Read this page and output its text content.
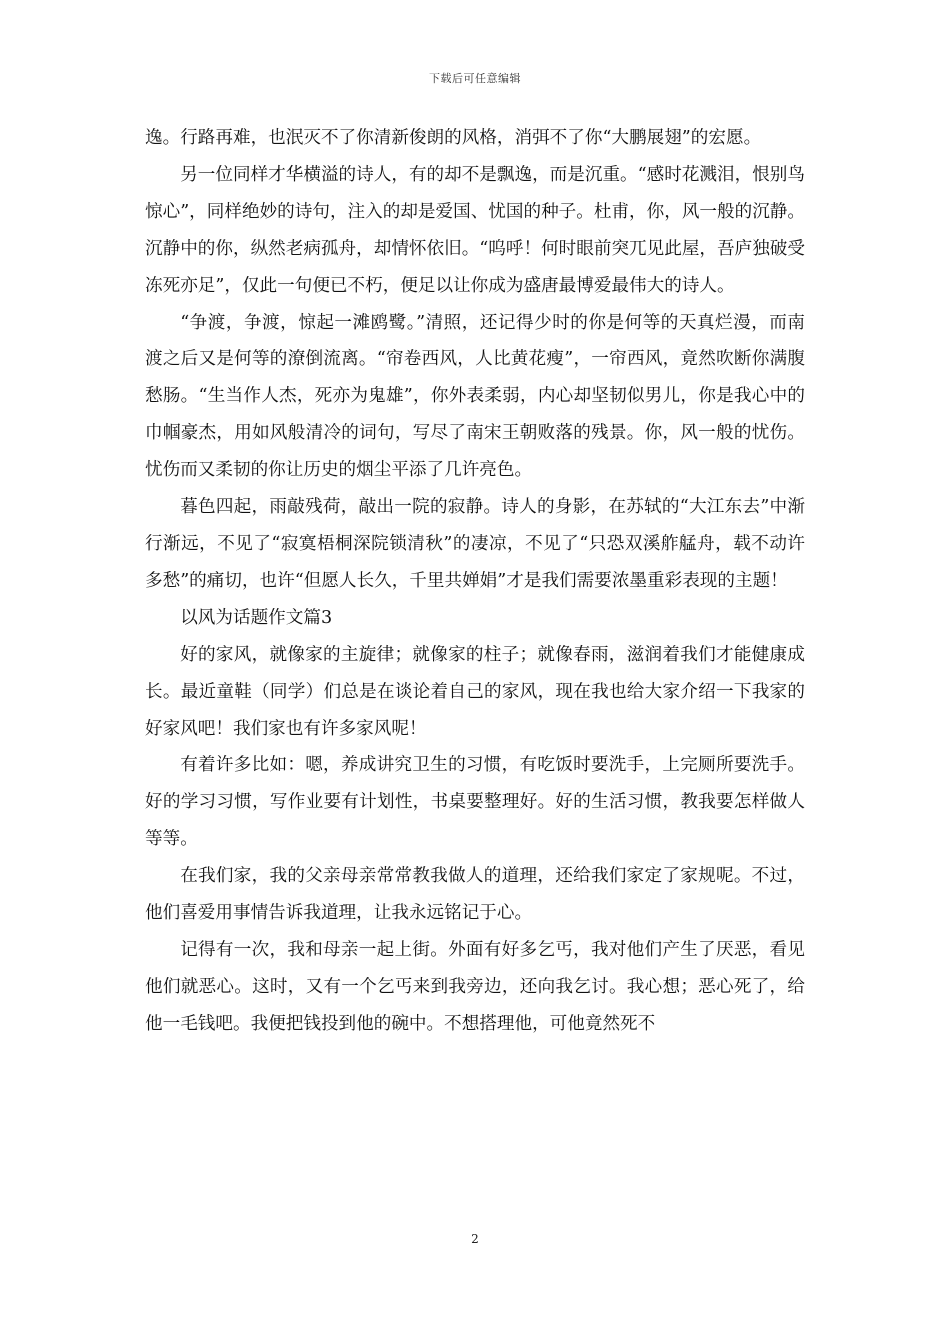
下载后可任意编辑

逸。行路再难，也泯灭不了你清新俊朗的风格，消弭不了你“大鹏展翅”的宏愿。

另一位同样才华横溢的诗人，有的却不是飘逸，而是沉重。“感时花溅泪，恨别鸟惊心”，同样绝妙的诗句，注入的却是爱国、忧国的种子。杜甫，你，风一般的沉静。沉静中的你，纵然老病孤舟，却情怀依旧。“呜呼！何时眼前突兀见此屋，吾庐独破受冻死亦足”，仅此一句便已不朽，便足以让你成为盛唐最博爱最伟大的诗人。

“争渡，争渡，惊起一滩鸥鹭。”清照，还记得少时的你是何等的天真烂漫，而南渡之后又是何等的潦倒流离。“帘卷西风，人比黄花瘦”，一帘西风，竟然吹断你满腹愁肠。“生当作人杰，死亦为鬼雄”，你外表柔弱，内心却坚韧似男儿，你是我心中的巾帼豪杰，用如风般清冷的词句，写尽了南宋王朝败落的残景。你，风一般的忧伤。忧伤而又柔韧的你让历史的烟尘平添了几许亮色。

暮色四起，雨敲残荷，敲出一院的寂静。诗人的身影，在苏轼的“大江东去”中渐行渐远，不见了“寂寞梧桐深院锁清秋”的凄凉，不见了“只恐双溪舴艋舟，载不动许多愁”的痛切，也许“但愿人长久，千里共婵娟”才是我们需要浓墨重彩表现的主题！

以风为话题作文篇3

好的家风，就像家的主旋律；就像家的柱子；就像春雨，滋润着我们才能健康成长。最近童鞋（同学）们总是在谈论着自己的家风，现在我也给大家介绍一下我家的好家风吧！我们家也有许多家风呢！

有着许多比如：嗯，养成讲究卫生的习惯，有吃饭时要洗手，上完厕所要洗手。好的学习习惯，写作业要有计划性，书桌要整理好。好的生活习惯，教我要怎样做人等等。

在我们家，我的父亲母亲常常教我做人的道理，还给我们家定了家规呢。不过，他们喜爱用事情告诉我道理，让我永远铭记于心。

记得有一次，我和母亲一起上街。外面有好多乞丐，我对他们产生了厌恶，看见他们就恶心。这时，又有一个乞丐来到我旁边，还向我乞讨。我心想；恶心死了，给他一毛钱吧。我便把钱投到他的碗中。不想搭理他，可他竟然死不

2
